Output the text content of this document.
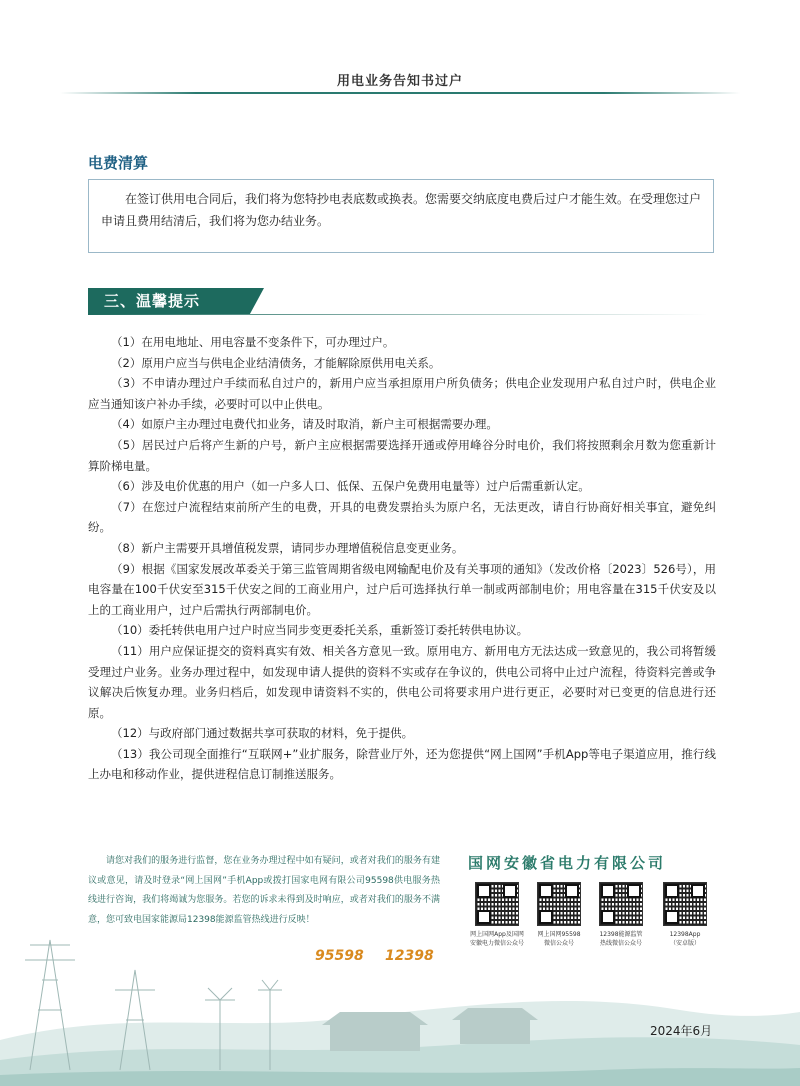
用电业务告知书过户
电费清算

在签订供用电合同后，我们将为您特抄电表底数或换表。您需要交纳底度电费后过户才能生效。在受理您过户申请且费用结清后，我们将为您办结业务。

三、温馨提示

（1）在用电地址、用电容量不变条件下，可办理过户。

（2）原用户应当与供电企业结清债务，才能解除原供用电关系。

（3）不申请办理过户手续而私自过户的，新用户应当承担原用户所负债务；供电企业发现用户私自过户时，供电企业应当通知该户补办手续，必要时可以中止供电。

（4）如原户主办理过电费代扣业务，请及时取消，新户主可根据需要办理。

（5）居民过户后将产生新的户号，新户主应根据需要选择开通或停用峰谷分时电价，我们将按照剩余月数为您重新计算阶梯电量。

（6）涉及电价优惠的用户（如一户多人口、低保、五保户免费用电量等）过户后需重新认定。

（7）在您过户流程结束前所产生的电费，开具的电费发票抬头为原户名，无法更改，请自行协商好相关事宜，避免纠纷。

（8）新户主需要开具增值税发票，请同步办理增值税信息变更业务。

（9）根据《国家发展改革委关于第三监管周期省级电网输配电价及有关事项的通知》（发改价格〔2023〕526号），用电容量在100千伏安至315千伏安之间的工商业用户，过户后可选择执行单一制或两部制电价；用电容量在315千伏安及以上的工商业用户，过户后需执行两部制电价。

（10）委托转供电用户过户时应当同步变更委托关系，重新签订委托转供电协议。

（11）用户应保证提交的资料真实有效、相关各方意见一致。原用电方、新用电方无法达成一致意见的，我公司将暂缓受理过户业务。业务办理过程中，如发现申请人提供的资料不实或存在争议的，供电公司将中止过户流程，待资料完善或争议解决后恢复办理。业务归档后，如发现申请资料不实的，供电公司将要求用户进行更正，必要时对已变更的信息进行还原。

（12）与政府部门通过数据共享可获取的材料，免于提供。

（13）我公司现全面推行“互联网+”业扩服务，除营业厅外，还为您提供“网上国网”手机App等电子渠道应用，推行线上办电和移动作业，提供进程信息订制推送服务。

请您对我们的服务进行监督，您在业务办理过程中如有疑问，或者对我们的服务有建议或意见，请及时登录“网上国网”手机App或拨打国家电网有限公司95598供电服务热线进行咨询，我们将竭诚为您服务。若您的诉求未得到及时响应，或者对我们的服务不满意，您可致电国家能源局12398能源监管热线进行反映！

国网安徽省电力有限公司
网上国网App及国网
安徽电力微信公众号
网上国网95598
微信公众号
12398能源监管
热线微信公众号
12398App
（安卓版）
95598 12398
2024年6月
